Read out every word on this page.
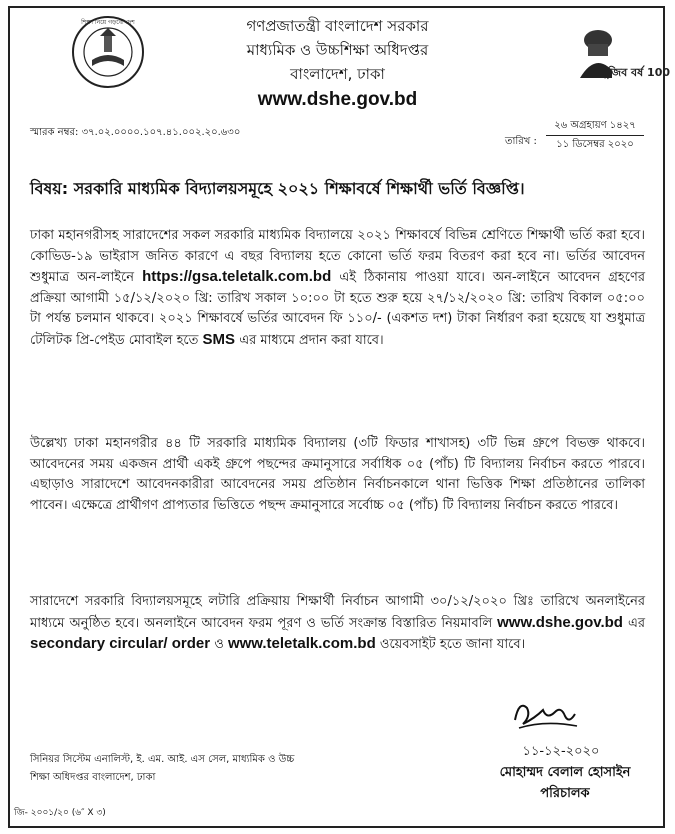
শিক্ষা নিয়ে গড়বো দেশ
মুজিব বর্ষ 100
গণপ্রজাতন্ত্রী বাংলাদেশ সরকার
মাধ্যমিক ও উচ্চশিক্ষা অধিদপ্তর
বাংলাদেশ, ঢাকা
www.dshe.gov.bd
স্মারক নম্বর: ৩৭.০২.০০০০.১০৭.৪১.০০২.২০.৬৩০
তারিখ :
২৬ অগ্রহায়ণ ১৪২৭
১১ ডিসেম্বর ২০২০
বিষয়: সরকারি মাধ্যমিক বিদ্যালয়সমূহে ২০২১ শিক্ষাবর্ষে শিক্ষার্থী ভর্তি বিজ্ঞপ্তি।
ঢাকা মহানগরীসহ সারাদেশের সকল সরকারি মাধ্যমিক বিদ্যালয়ে ২০২১ শিক্ষাবর্ষে বিভিন্ন শ্রেণিতে শিক্ষার্থী ভর্তি করা হবে। কোভিড-১৯ ভাইরাস জনিত কারণে এ বছর বিদ্যালয় হতে কোনো ভর্তি ফরম বিতরণ করা হবে না। ভর্তির আবেদন শুধুমাত্র অন-লাইনে https://gsa.teletalk.com.bd এই ঠিকানায় পাওয়া যাবে। অন-লাইনে আবেদন গ্রহণের প্রক্রিয়া আগামী ১৫/১২/২০২০ খ্রি: তারিখ সকাল ১০:০০ টা হতে শুরু হয়ে ২৭/১২/২০২০ খ্রি: তারিখ বিকাল ০৫:০০ টা পর্যন্ত চলমান থাকবে। ২০২১ শিক্ষাবর্ষে ভর্তির আবেদন ফি ১১০/- (একশত দশ) টাকা নির্ধারণ করা হয়েছে যা শুধুমাত্র টেলিটক প্রি-পেইড মোবাইল হতে SMS এর মাধ্যমে প্রদান করা যাবে।
উল্লেখ্য ঢাকা মহানগরীর ৪৪ টি সরকারি মাধ্যমিক বিদ্যালয় (৩টি ফিডার শাখাসহ) ৩টি ভিন্ন গ্রুপে বিভক্ত থাকবে। আবেদনের সময় একজন প্রার্থী একই গ্রুপে পছন্দের ক্রমানুসারে সর্বাধিক ০৫ (পাঁচ) টি বিদ্যালয় নির্বাচন করতে পারবে। এছাড়াও সারাদেশে আবেদনকারীরা আবেদনের সময় প্রতিষ্ঠান নির্বাচনকালে থানা ভিত্তিক শিক্ষা প্রতিষ্ঠানের তালিকা পাবেন। এক্ষেত্রে প্রার্থীগণ প্রাপ্যতার ভিত্তিতে পছন্দ ক্রমানুসারে সর্বোচ্চ ০৫ (পাঁচ) টি বিদ্যালয় নির্বাচন করতে পারবে।
সারাদেশে সরকারি বিদ্যালয়সমূহে লটারি প্রক্রিয়ায় শিক্ষার্থী নির্বাচন আগামী ৩০/১২/২০২০ খ্রিঃ তারিখে অনলাইনের মাধ্যমে অনুষ্ঠিত হবে। অনলাইনে আবেদন ফরম পূরণ ও ভর্তি সংক্রান্ত বিস্তারিত নিয়মাবলি www.dshe.gov.bd এর secondary circular/ order ও www.teletalk.com.bd ওয়েবসাইট হতে জানা যাবে।
১১-১২-২০২০
মোহাম্মদ বেলাল হোসাইন
পরিচালক
সিনিয়র সিস্টেম এনালিস্ট, ই. এম. আই. এস সেল, মাধ্যমিক ও উচ্চ
শিক্ষা অধিদপ্তর বাংলাদেশ, ঢাকা
জি- ২০০১/২০ (৬″ X ৩)
